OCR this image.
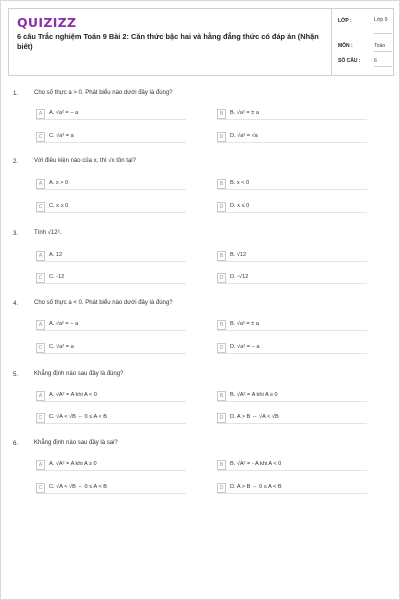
QUIZIZZ
6 câu Trắc nghiệm Toán 9 Bài 2: Căn thức bậc hai và hằng đẳng thức có đáp án (Nhận biết)
LỚP :	Lớp 9
MÔN :	Toán
SỐ CÂU :	6
1.	Cho số thực a > 0. Phát biểu nào dưới đây là đúng?
A	A. √a² = − a	B	B. √a² = ± a
C	C. √a² = a	D	D. √a² = √a
2.	Với điều kiện nào của x, thì √x tồn tại?
A	A. x > 0	B	B. x < 0
C	C. x ≥ 0	D	D. x ≤ 0
3.	Tính √12².
A	A. 12	B	B. √12
C	C. -12	D	D. -√12
4.	Cho số thực a < 0. Phát biểu nào dưới đây là đúng?
A	A. √a² = − a	B	B. √a² = ± a
C	C. √a² = a	D	D. √a² = − a
5.	Khẳng định nào sau đây là đúng?
A	A. √A² = A khi A < 0	B	B. √A² = A khi A ≥ 0
C	C. √A < √B ⇔ 0 ≤ A < B	D	D. A > B ⇔ √A < √B
6.	Khẳng định nào sau đây là sai?
A	A. √A² = A khi A ≥ 0	B	B. √A² = - A khi A < 0
C	C. √A < √B ⇔ 0 ≤ A < B	D	D. A > B ⇔ 0 ≤ A < B
